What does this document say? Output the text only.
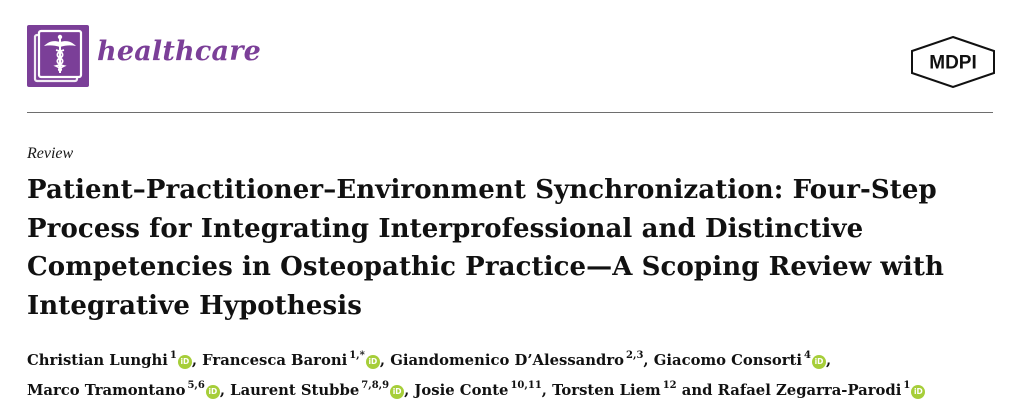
healthcare	MDPI
Review
Patient–Practitioner–Environment Synchronization: Four-Step
Process for Integrating Interprofessional and Distinctive
Competencies in Osteopathic Practice—A Scoping Review with
Integrative Hypothesis
Christian Lunghi $^1$iD , Francesca Baroni $^{1,*}$iD , Giandomenico D’Alessandro $^{2,3}$, Giacomo Consorti $^4$iD ,
Marco Tramontano $^{5,6}$iD , Laurent Stubbe $^{7,8,9}$iD , Josie Conte $^{10,11}$, Torsten Liem $^{12}$ and Rafael Zegarra-Parodi $^1$iD
